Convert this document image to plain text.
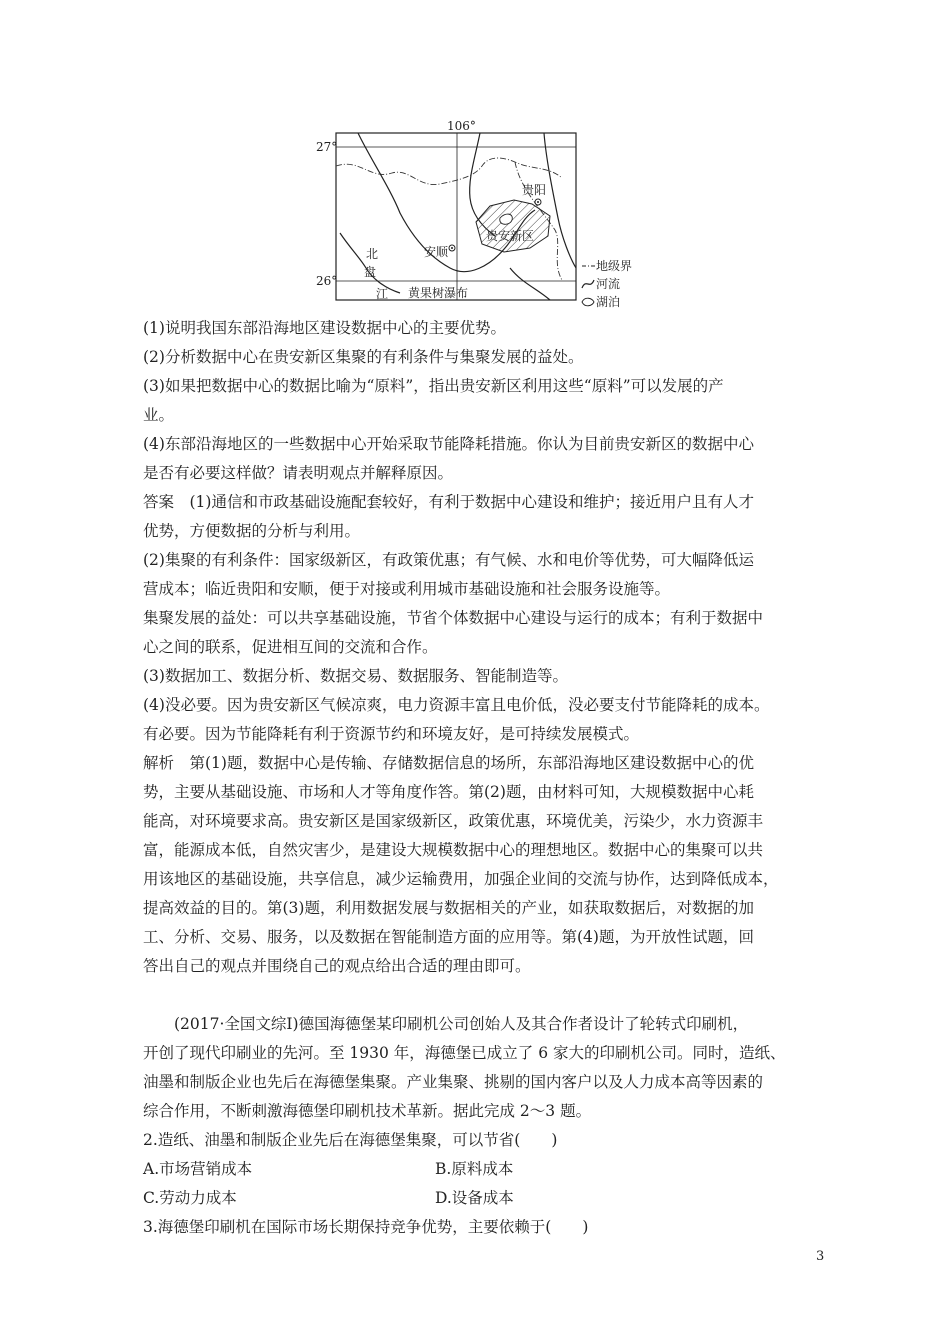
106°
27°
26°
贵阳
贵安新区
安顺
北
盘
江 黄果树瀑布
地级界
河流
湖泊
(1)说明我国东部沿海地区建设数据中心的主要优势。
(2)分析数据中心在贵安新区集聚的有利条件与集聚发展的益处。
(3)如果把数据中心的数据比喻为“原料”，指出贵安新区利用这些“原料”可以发展的产
业。
(4)东部沿海地区的一些数据中心开始采取节能降耗措施。你认为目前贵安新区的数据中心
是否有必要这样做？请表明观点并解释原因。
答案　(1)通信和市政基础设施配套较好，有利于数据中心建设和维护；接近用户且有人才
优势，方便数据的分析与利用。
(2)集聚的有利条件：国家级新区，有政策优惠；有气候、水和电价等优势，可大幅降低运
营成本；临近贵阳和安顺，便于对接或利用城市基础设施和社会服务设施等。
集聚发展的益处：可以共享基础设施，节省个体数据中心建设与运行的成本；有利于数据中
心之间的联系，促进相互间的交流和合作。
(3)数据加工、数据分析、数据交易、数据服务、智能制造等。
(4)没必要。因为贵安新区气候凉爽，电力资源丰富且电价低，没必要支付节能降耗的成本。
有必要。因为节能降耗有利于资源节约和环境友好，是可持续发展模式。
解析　第(1)题，数据中心是传输、存储数据信息的场所，东部沿海地区建设数据中心的优
势，主要从基础设施、市场和人才等角度作答。第(2)题，由材料可知，大规模数据中心耗
能高，对环境要求高。贵安新区是国家级新区，政策优惠，环境优美，污染少，水力资源丰
富，能源成本低，自然灾害少，是建设大规模数据中心的理想地区。数据中心的集聚可以共
用该地区的基础设施，共享信息，减少运输费用，加强企业间的交流与协作，达到降低成本，
提高效益的目的。第(3)题，利用数据发展与数据相关的产业，如获取数据后，对数据的加
工、分析、交易、服务，以及数据在智能制造方面的应用等。第(4)题，为开放性试题，回
答出自己的观点并围绕自己的观点给出合适的理由即可。
　　(2017·全国文综Ⅰ)德国海德堡某印刷机公司创始人及其合作者设计了轮转式印刷机，
开创了现代印刷业的先河。至 1930 年，海德堡已成立了 6 家大的印刷机公司。同时，造纸、
油墨和制版企业也先后在海德堡集聚。产业集聚、挑剔的国内客户以及人力成本高等因素的
综合作用，不断刺激海德堡印刷机技术革新。据此完成 2～3 题。
2.造纸、油墨和制版企业先后在海德堡集聚，可以节省(　　)
A.市场营销成本	B.原料成本
C.劳动力成本	D.设备成本
3.海德堡印刷机在国际市场长期保持竞争优势，主要依赖于(　　)
3
